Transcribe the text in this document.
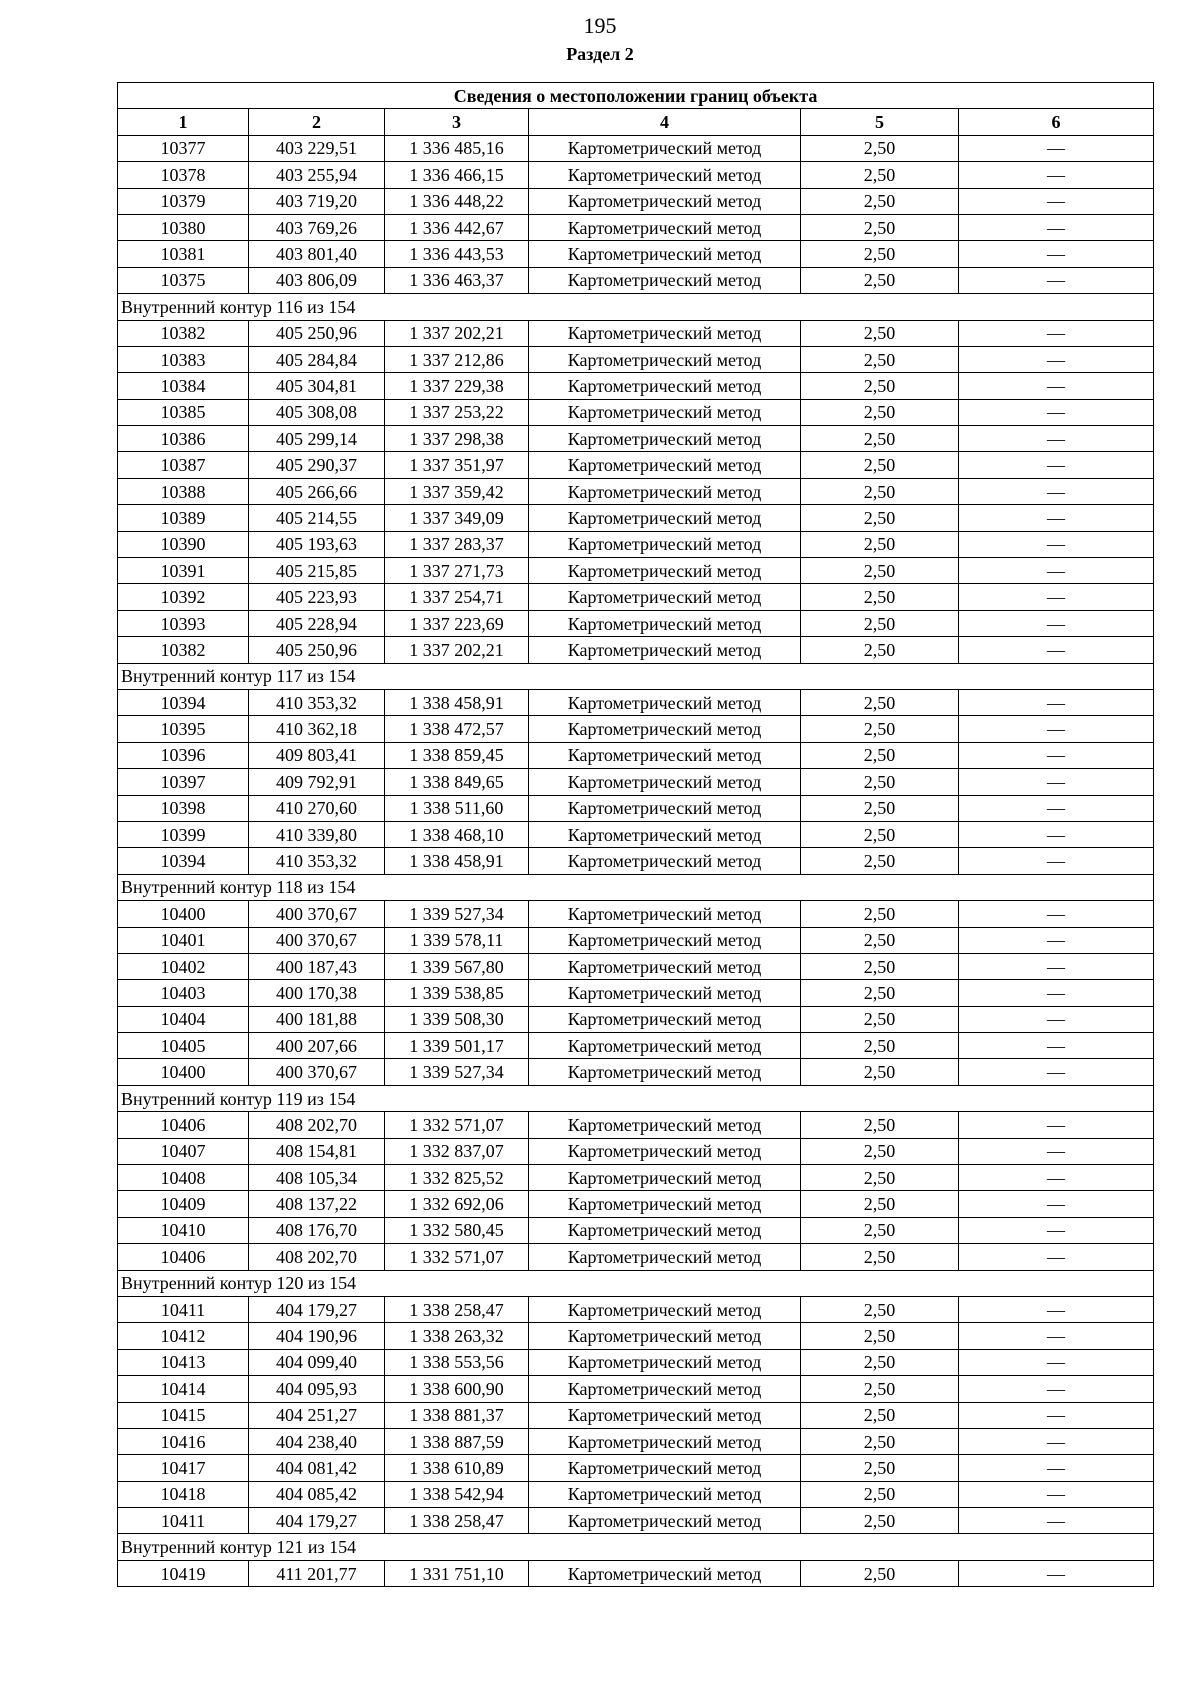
195
Раздел 2
Сведения о местоположении границ объекта					
1	2	3	4	5	6
10377	403 229,51	1 336 485,16	Картометрический метод	2,50	—
10378	403 255,94	1 336 466,15	Картометрический метод	2,50	—
10379	403 719,20	1 336 448,22	Картометрический метод	2,50	—
10380	403 769,26	1 336 442,67	Картометрический метод	2,50	—
10381	403 801,40	1 336 443,53	Картометрический метод	2,50	—
10375	403 806,09	1 336 463,37	Картометрический метод	2,50	—
Внутренний контур 116 из 154					
10382	405 250,96	1 337 202,21	Картометрический метод	2,50	—
10383	405 284,84	1 337 212,86	Картометрический метод	2,50	—
10384	405 304,81	1 337 229,38	Картометрический метод	2,50	—
10385	405 308,08	1 337 253,22	Картометрический метод	2,50	—
10386	405 299,14	1 337 298,38	Картометрический метод	2,50	—
10387	405 290,37	1 337 351,97	Картометрический метод	2,50	—
10388	405 266,66	1 337 359,42	Картометрический метод	2,50	—
10389	405 214,55	1 337 349,09	Картометрический метод	2,50	—
10390	405 193,63	1 337 283,37	Картометрический метод	2,50	—
10391	405 215,85	1 337 271,73	Картометрический метод	2,50	—
10392	405 223,93	1 337 254,71	Картометрический метод	2,50	—
10393	405 228,94	1 337 223,69	Картометрический метод	2,50	—
10382	405 250,96	1 337 202,21	Картометрический метод	2,50	—
Внутренний контур 117 из 154					
10394	410 353,32	1 338 458,91	Картометрический метод	2,50	—
10395	410 362,18	1 338 472,57	Картометрический метод	2,50	—
10396	409 803,41	1 338 859,45	Картометрический метод	2,50	—
10397	409 792,91	1 338 849,65	Картометрический метод	2,50	—
10398	410 270,60	1 338 511,60	Картометрический метод	2,50	—
10399	410 339,80	1 338 468,10	Картометрический метод	2,50	—
10394	410 353,32	1 338 458,91	Картометрический метод	2,50	—
Внутренний контур 118 из 154					
10400	400 370,67	1 339 527,34	Картометрический метод	2,50	—
10401	400 370,67	1 339 578,11	Картометрический метод	2,50	—
10402	400 187,43	1 339 567,80	Картометрический метод	2,50	—
10403	400 170,38	1 339 538,85	Картометрический метод	2,50	—
10404	400 181,88	1 339 508,30	Картометрический метод	2,50	—
10405	400 207,66	1 339 501,17	Картометрический метод	2,50	—
10400	400 370,67	1 339 527,34	Картометрический метод	2,50	—
Внутренний контур 119 из 154					
10406	408 202,70	1 332 571,07	Картометрический метод	2,50	—
10407	408 154,81	1 332 837,07	Картометрический метод	2,50	—
10408	408 105,34	1 332 825,52	Картометрический метод	2,50	—
10409	408 137,22	1 332 692,06	Картометрический метод	2,50	—
10410	408 176,70	1 332 580,45	Картометрический метод	2,50	—
10406	408 202,70	1 332 571,07	Картометрический метод	2,50	—
Внутренний контур 120 из 154					
10411	404 179,27	1 338 258,47	Картометрический метод	2,50	—
10412	404 190,96	1 338 263,32	Картометрический метод	2,50	—
10413	404 099,40	1 338 553,56	Картометрический метод	2,50	—
10414	404 095,93	1 338 600,90	Картометрический метод	2,50	—
10415	404 251,27	1 338 881,37	Картометрический метод	2,50	—
10416	404 238,40	1 338 887,59	Картометрический метод	2,50	—
10417	404 081,42	1 338 610,89	Картометрический метод	2,50	—
10418	404 085,42	1 338 542,94	Картометрический метод	2,50	—
10411	404 179,27	1 338 258,47	Картометрический метод	2,50	—
Внутренний контур 121 из 154					
10419	411 201,77	1 331 751,10	Картометрический метод	2,50	—
